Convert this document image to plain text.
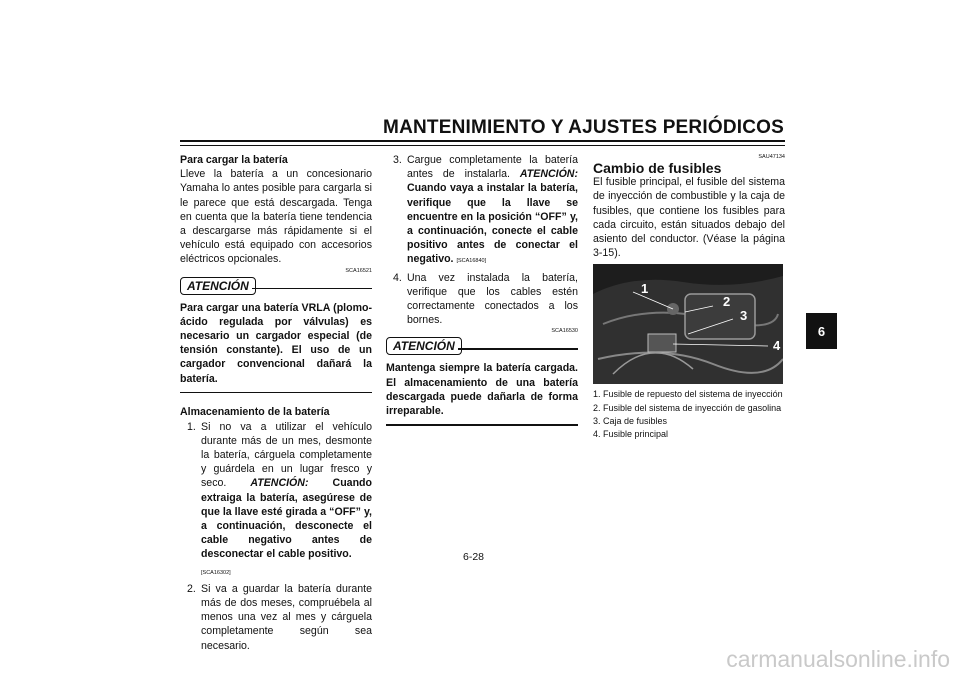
MANTENIMIENTO Y AJUSTES PERIÓDICOS

Para cargar la batería

Lleve la batería a un concesionario Yamaha lo antes posible para cargarla si le parece que está descargada. Tenga en cuenta que la batería tiene tendencia a descargarse más rápidamente si el vehículo está equipado con accesorios eléctricos opcionales.

SCA16521
ATENCIÓN

Para cargar una batería VRLA (plomo-ácido regulada por válvulas) es necesario un cargador especial (de tensión constante). El uso de un cargador convencional dañará la batería.

Almacenamiento de la batería

1. Si no va a utilizar el vehículo durante más de un mes, desmonte la batería, cárguela completamente y guárdela en un lugar fresco y seco. ATENCIÓN: Cuando extraiga la batería, asegúrese de que la llave esté girada a “OFF” y, a continuación, desconecte el cable negativo antes de desconectar el cable positivo.
[SCA16302]
2. Si va a guardar la batería durante más de dos meses, compruébela al menos una vez al mes y cárguela completamente según sea necesario.
3. Cargue completamente la batería antes de instalarla. ATENCIÓN: Cuando vaya a instalar la batería, verifique que la llave se encuentre en la posición “OFF” y, a continuación, conecte el cable positivo antes de conectar el negativo. [SCA16840]
4. Una vez instalada la batería, verifique que los cables estén correctamente conectados a los bornes.
SCA16530
ATENCIÓN

Mantenga siempre la batería cargada. El almacenamiento de una batería descargada puede dañarla de forma irreparable.

SAU47134

Cambio de fusibles

El fusible principal, el fusible del sistema de inyección de combustible y la caja de fusibles, que contiene los fusibles para cada circuito, están situados debajo del asiento del conductor. (Véase la página 3-15).

1
2
3
4
1. Fusible de repuesto del sistema de inyección
2. Fusible del sistema de inyección de gasolina
3. Caja de fusibles
4. Fusible principal
6
6-28
carmanualsonline.info
